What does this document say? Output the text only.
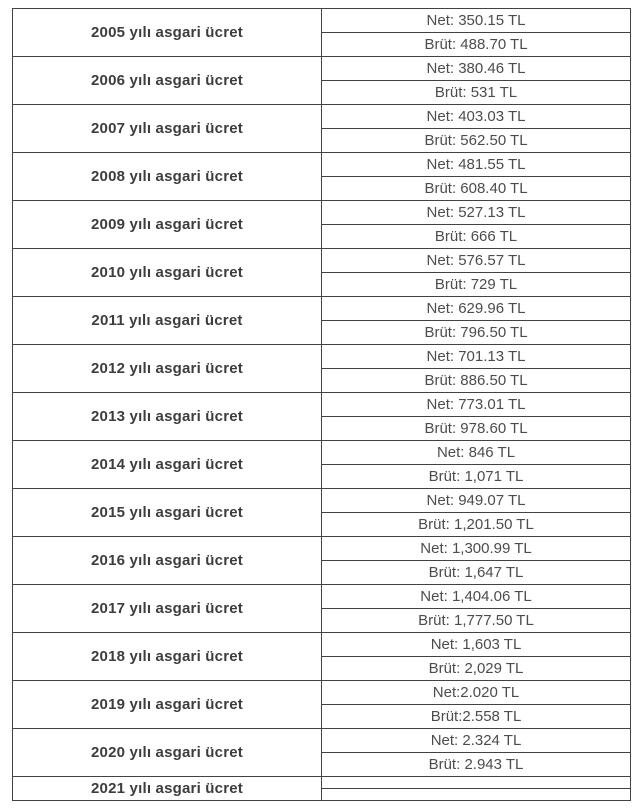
2005 yılı asgari ücret	Net: 350.15 TL
	Brüt: 488.70 TL
2006 yılı asgari ücret	Net: 380.46 TL
	Brüt: 531 TL
2007 yılı asgari ücret	Net: 403.03 TL
	Brüt: 562.50 TL
2008 yılı asgari ücret	Net: 481.55 TL
	Brüt: 608.40 TL
2009 yılı asgari ücret	Net: 527.13 TL
	Brüt: 666 TL
2010 yılı asgari ücret	Net: 576.57 TL
	Brüt: 729 TL
2011 yılı asgari ücret	Net: 629.96 TL
	Brüt: 796.50 TL
2012 yılı asgari ücret	Net: 701.13 TL
	Brüt: 886.50 TL
2013 yılı asgari ücret	Net: 773.01 TL
	Brüt: 978.60 TL
2014 yılı asgari ücret	Net: 846 TL
	Brüt: 1,071 TL
2015 yılı asgari ücret	Net: 949.07 TL
	Brüt: 1,201.50 TL
2016 yılı asgari ücret	Net: 1,300.99 TL
	Brüt: 1,647 TL
2017 yılı asgari ücret	Net: 1,404.06 TL
	Brüt: 1,777.50 TL
2018 yılı asgari ücret	Net: 1,603 TL
	Brüt: 2,029 TL
2019 yılı asgari ücret	Net:2.020 TL
	Brüt:2.558 TL
2020 yılı asgari ücret	Net: 2.324 TL
	Brüt: 2.943 TL
2021 yılı asgari ücret	
